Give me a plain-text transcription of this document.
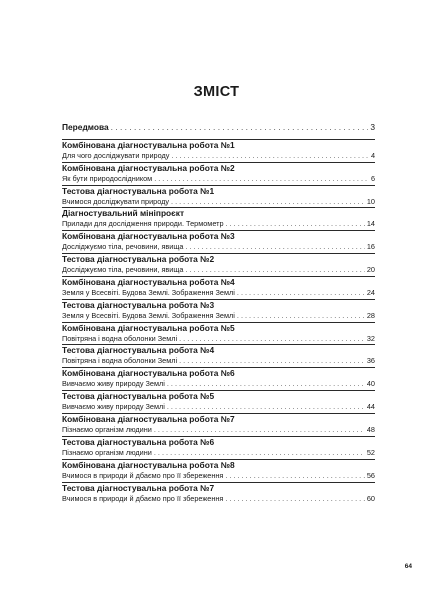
ЗМІСТ
Передмова . . .	3
Комбінована діагностувальна робота №1
Для чого досліджувати природу . . .	4
Комбінована діагностувальна робота №2
Як бути природослідником . . .	6
Тестова діагностувальна робота №1
Вчимося досліджувати природу . . .	10
Діагностувальний мініпроєкт
Прилади для дослідження природи. Термометр . . .	14
Комбінована діагностувальна робота №3
Досліджуємо тіла, речовини, явища . . .	16
Тестова діагностувальна робота №2
Досліджуємо тіла, речовини, явища . . .	20
Комбінована діагностувальна робота №4
Земля у Всесвіті. Будова Землі. Зображення Землі . . .	24
Тестова діагностувальна робота №3
Земля у Всесвіті. Будова Землі. Зображення Землі . . .	28
Комбінована діагностувальна робота №5
Повітряна і водна оболонки Землі . . .	32
Тестова діагностувальна робота №4
Повітряна і водна оболонки Землі . . .	36
Комбінована діагностувальна робота №6
Вивчаємо живу природу Землі . . .	40
Тестова діагностувальна робота №5
Вивчаємо живу природу Землі . . .	44
Комбінована діагностувальна робота №7
Пізнаємо організм людини . . .	48
Тестова діагностувальна робота №6
Пізнаємо організм людини . . .	52
Комбінована діагностувальна робота №8
Вчимося в природи й дбаємо про її збереження . . .	56
Тестова діагностувальна робота №7
Вчимося в природи й дбаємо про її збереження . . .	60
64
